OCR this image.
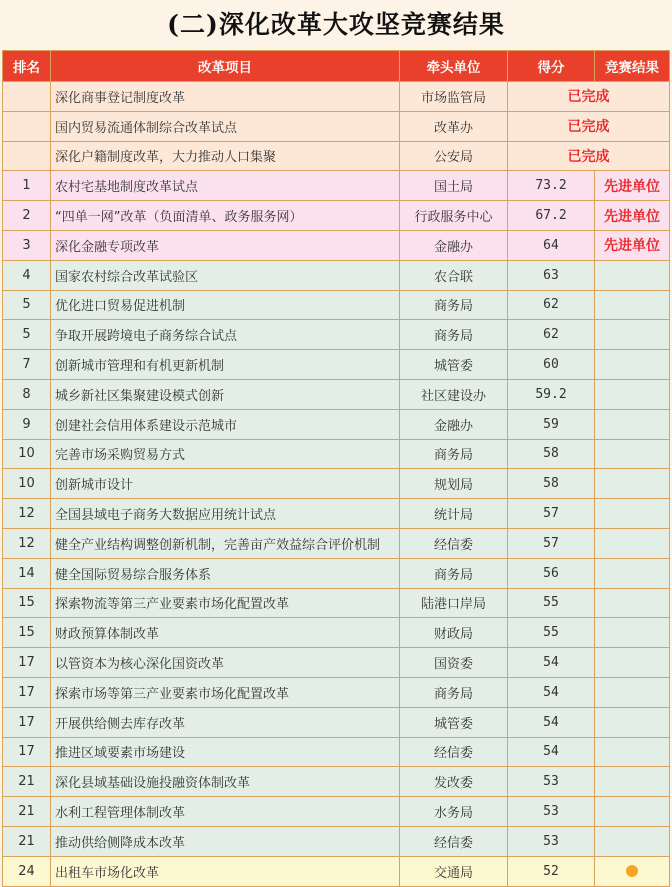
(二)深化改革大攻坚竞赛结果
排名	改革项目	牵头单位	得分	竞赛结果
	深化商事登记制度改革	市场监管局	已完成	
	国内贸易流通体制综合改革试点	改革办	已完成	
	深化户籍制度改革，大力推动人口集聚	公安局	已完成	
1	农村宅基地制度改革试点	国土局	73.2	先进单位
2	“四单一网”改革（负面清单、政务服务网）	行政服务中心	67.2	先进单位
3	深化金融专项改革	金融办	64	先进单位
4	国家农村综合改革试验区	农合联	63	
5	优化进口贸易促进机制	商务局	62	
5	争取开展跨境电子商务综合试点	商务局	62	
7	创新城市管理和有机更新机制	城管委	60	
8	城乡新社区集聚建设模式创新	社区建设办	59.2	
9	创建社会信用体系建设示范城市	金融办	59	
10	完善市场采购贸易方式	商务局	58	
10	创新城市设计	规划局	58	
12	全国县域电子商务大数据应用统计试点	统计局	57	
12	健全产业结构调整创新机制，完善亩产效益综合评价机制	经信委	57	
14	健全国际贸易综合服务体系	商务局	56	
15	探索物流等第三产业要素市场化配置改革	陆港口岸局	55	
15	财政预算体制改革	财政局	55	
17	以管资本为核心深化国资改革	国资委	54	
17	探索市场等第三产业要素市场化配置改革	商务局	54	
17	开展供给侧去库存改革	城管委	54	
17	推进区域要素市场建设	经信委	54	
21	深化县域基础设施投融资体制改革	发改委	53	
21	水利工程管理体制改革	水务局	53	
21	推动供给侧降成本改革	经信委	53	
24	出租车市场化改革	交通局	52	
